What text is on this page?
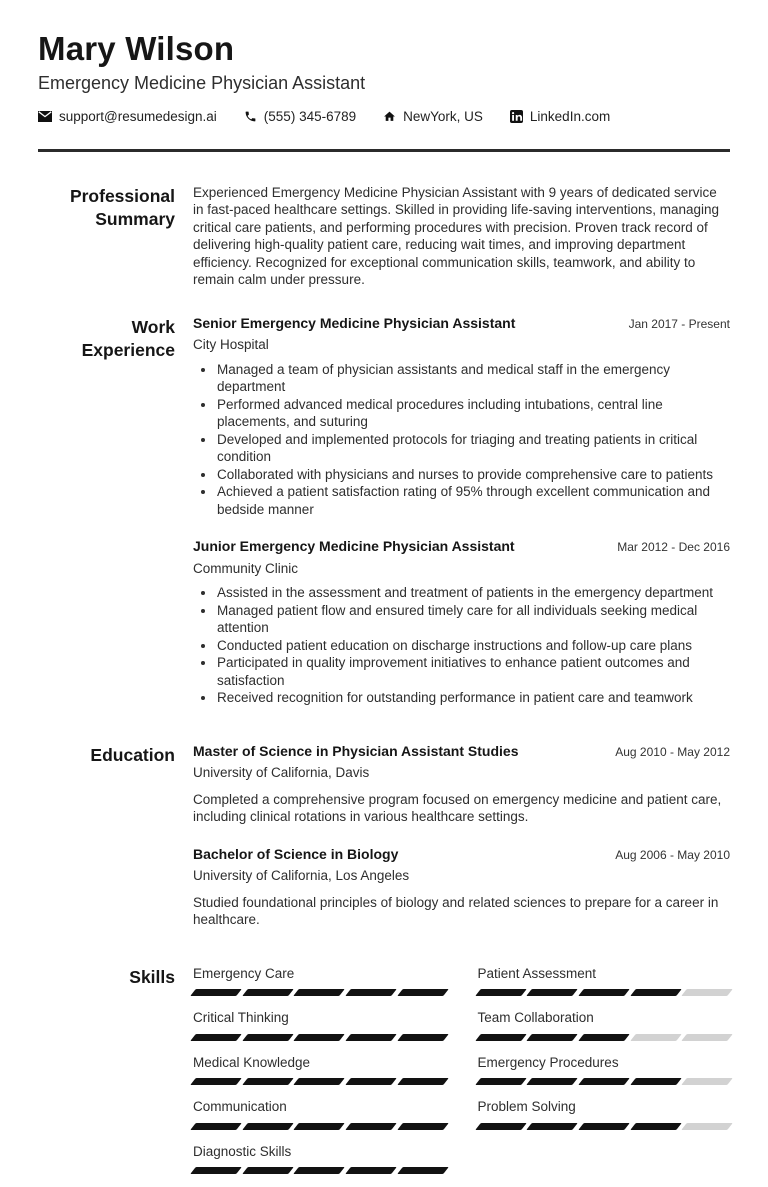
Mary Wilson
Emergency Medicine Physician Assistant
support@resumedesign.ai	(555) 345-6789	NewYork, US	LinkedIn.com
Professional Summary

Experienced Emergency Medicine Physician Assistant with 9 years of dedicated service in fast-paced healthcare settings. Skilled in providing life-saving interventions, managing critical care patients, and performing procedures with precision. Proven track record of delivering high-quality patient care, reducing wait times, and improving department efficiency. Recognized for exceptional communication skills, teamwork, and ability to remain calm under pressure.

Work Experience
Senior Emergency Medicine Physician Assistant	Jan 2017 - Present
City Hospital
• Managed a team of physician assistants and medical staff in the emergency department
• Performed advanced medical procedures including intubations, central line placements, and suturing
• Developed and implemented protocols for triaging and treating patients in critical condition
• Collaborated with physicians and nurses to provide comprehensive care to patients
• Achieved a patient satisfaction rating of 95% through excellent communication and bedside manner
Junior Emergency Medicine Physician Assistant	Mar 2012 - Dec 2016
Community Clinic
• Assisted in the assessment and treatment of patients in the emergency department
• Managed patient flow and ensured timely care for all individuals seeking medical attention
• Conducted patient education on discharge instructions and follow-up care plans
• Participated in quality improvement initiatives to enhance patient outcomes and satisfaction
• Received recognition for outstanding performance in patient care and teamwork
Education Master of Science in Physician Assistant Studies	Aug 2010 - May 2012
University of California, Davis

Completed a comprehensive program focused on emergency medicine and patient care, including clinical rotations in various healthcare settings.

Bachelor of Science in Biology	Aug 2006 - May 2010
University of California, Los Angeles

Studied foundational principles of biology and related sciences to prepare for a career in healthcare.

Skills Emergency Care	Patient Assessment
Critical Thinking	Team Collaboration
Medical Knowledge	Emergency Procedures
Communication	Problem Solving
Diagnostic Skills
